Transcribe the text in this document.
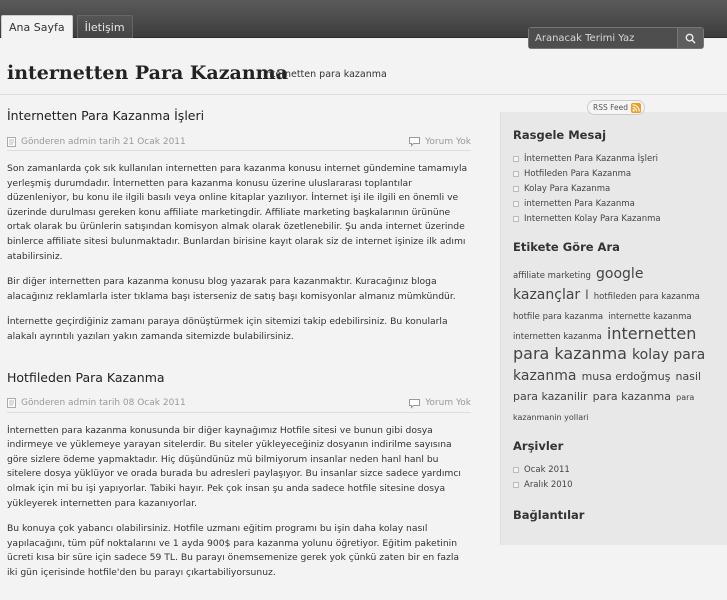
Ana Sayfa	İletişim
Aranacak Terimi Yaz
internetten Para Kazanma
internetten para kazanma
İnternetten Para Kazanma İşleri
Gönderen admin tarih 21 Ocak 2011	Yorum Yok

Son zamanlarda çok sık kullanılan internetten para kazanma konusu internet gündemine tamamıyla yerleşmiş durumdadır. İnternetten para kazanma konusu üzerine uluslararası toplantılar düzenleniyor, bu konu ile ilgili basılı veya online kitaplar yazılıyor. İnternet işi ile ilgili en önemli ve üzerinde durulması gereken konu affiliate marketingdir. Affiliate marketing başkalarının ürününe ortak olarak bu ürünlerin satışından komisyon almak olarak özetlenebilir. Şu anda internet üzerinde binlerce affiliate sitesi bulunmaktadır. Bunlardan birisine kayıt olarak siz de internet işinize ilk adımı atabilirsiniz.

Bir diğer internetten para kazanma konusu blog yazarak para kazanmaktır. Kuracağınız bloga alacağınız reklamlarla ister tıklama başı isterseniz de satış başı komisyonlar almanız mümkündür.

İnternette geçirdiğiniz zamanı paraya dönüştürmek için sitemizi takip edebilirsiniz. Bu konularla alakalı ayrıntılı yazıları yakın zamanda sitemizde bulabilirsiniz.

Hotfileden Para Kazanma
Gönderen admin tarih 08 Ocak 2011	Yorum Yok

İnternetten para kazanma konusunda bir diğer kaynağımız Hotfile sitesi ve bunun gibi dosya indirmeye ve yüklemeye yarayan sitelerdir. Bu siteler yükleyeceğiniz dosyanın indirilme sayısına göre sizlere ödeme yapmaktadır. Hiç düşündünüz mü bilmiyorum insanlar neden hanl hanl bu sitelere dosya yüklüyor ve orada burada bu adresleri paylaşıyor. Bu insanlar sizce sadece yardımcı olmak için mi bu işi yapıyorlar. Tabiki hayır. Pek çok insan şu anda sadece hotfile sitesine dosya yükleyerek internetten para kazanıyorlar.

Bu konuya çok yabancı olabilirsiniz. Hotfile uzmanı eğitim programı bu işin daha kolay nasıl yapılacağını, tüm püf noktalarını ve 1 ayda 900$ para kazanma yolunu öğretiyor. Eğitim paketinin ücreti kısa bir süre için sadece 59 TL. Bu parayı önemsemenize gerek yok çünkü zaten bir en fazla iki gün içerisinde hotfile'den bu parayı çıkartabiliyorsunuz.

RSS Feed
Rasgele Mesaj
İnternetten Para Kazanma İşleri
Hotfileden Para Kazanma
Kolay Para Kazanma
internetten Para Kazanma
Internetten Kolay Para Kazanma
Etikete Göre Ara
affiliate marketing google kazançlar l hotfileden para kazanma hotfile para kazanma internette kazanma internetten kazanma internetten para kazanma kolay para kazanma musa erdoğmuş nasil para kazanilir para kazanma para kazanmanin yollari
Arşivler
Ocak 2011
Aralık 2010
Bağlantılar
